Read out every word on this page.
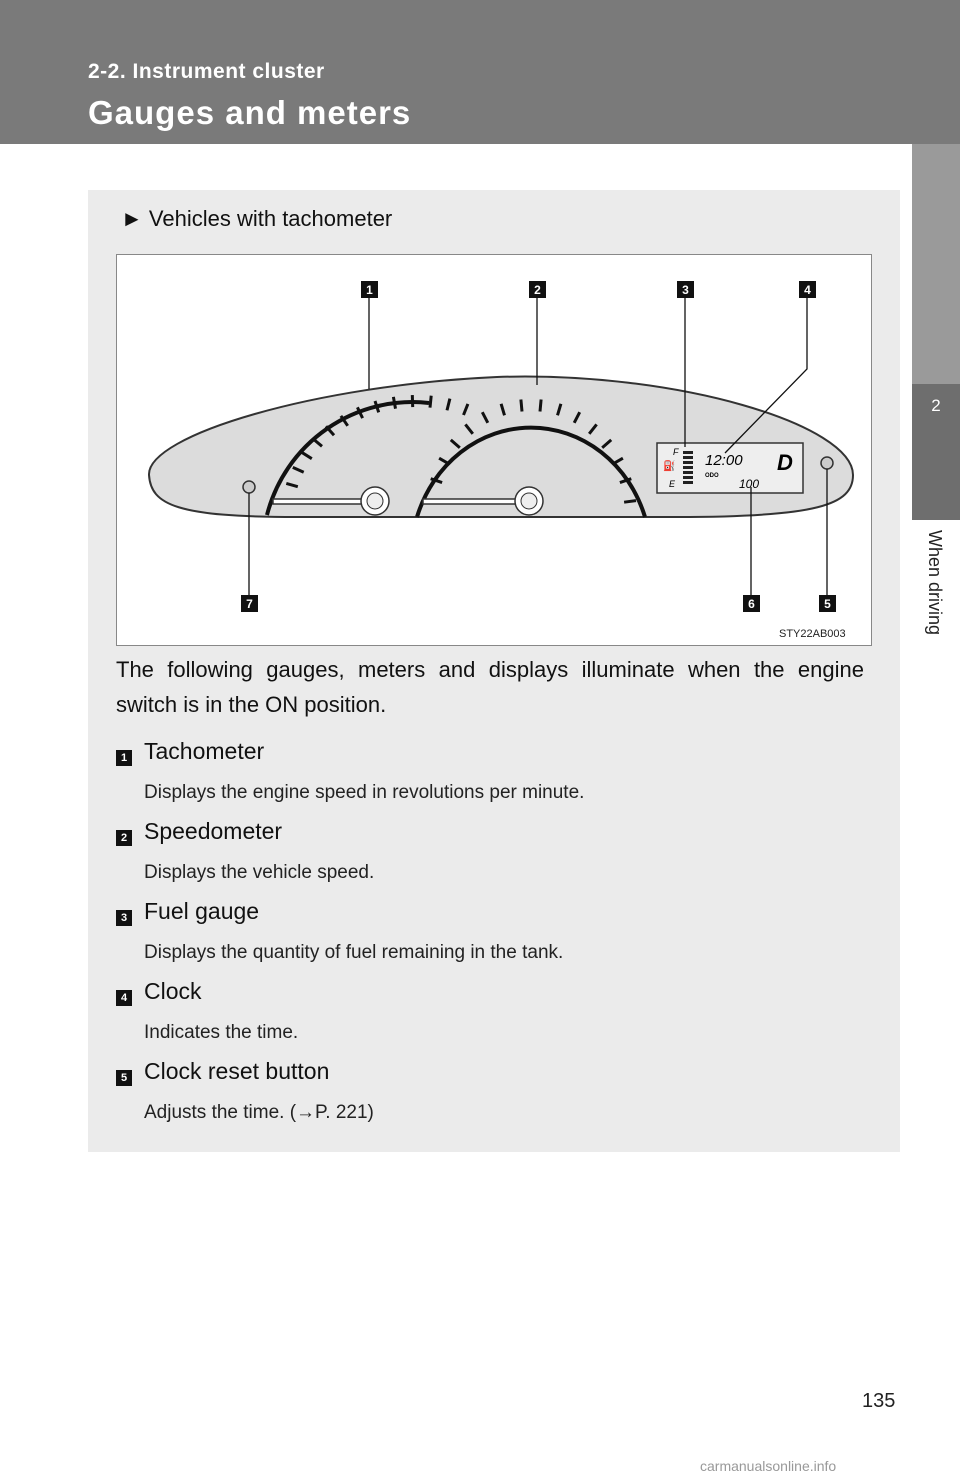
2-2. Instrument cluster
Gauges and meters
2
When driving
► Vehicles with tachometer
F
E
⛽ 12:00
ODO
100
D
1	2	3	4
5
6
7
STY22AB003
The following gauges, meters and displays illuminate when the engine switch is in the ON position.
1 Tachometer
Displays the engine speed in revolutions per minute.
2 Speedometer
Displays the vehicle speed.
3 Fuel gauge
Displays the quantity of fuel remaining in the tank.
4 Clock
Indicates the time.
5 Clock reset button
Adjusts the time. (→P. 221)
135
carmanualsonline.info
